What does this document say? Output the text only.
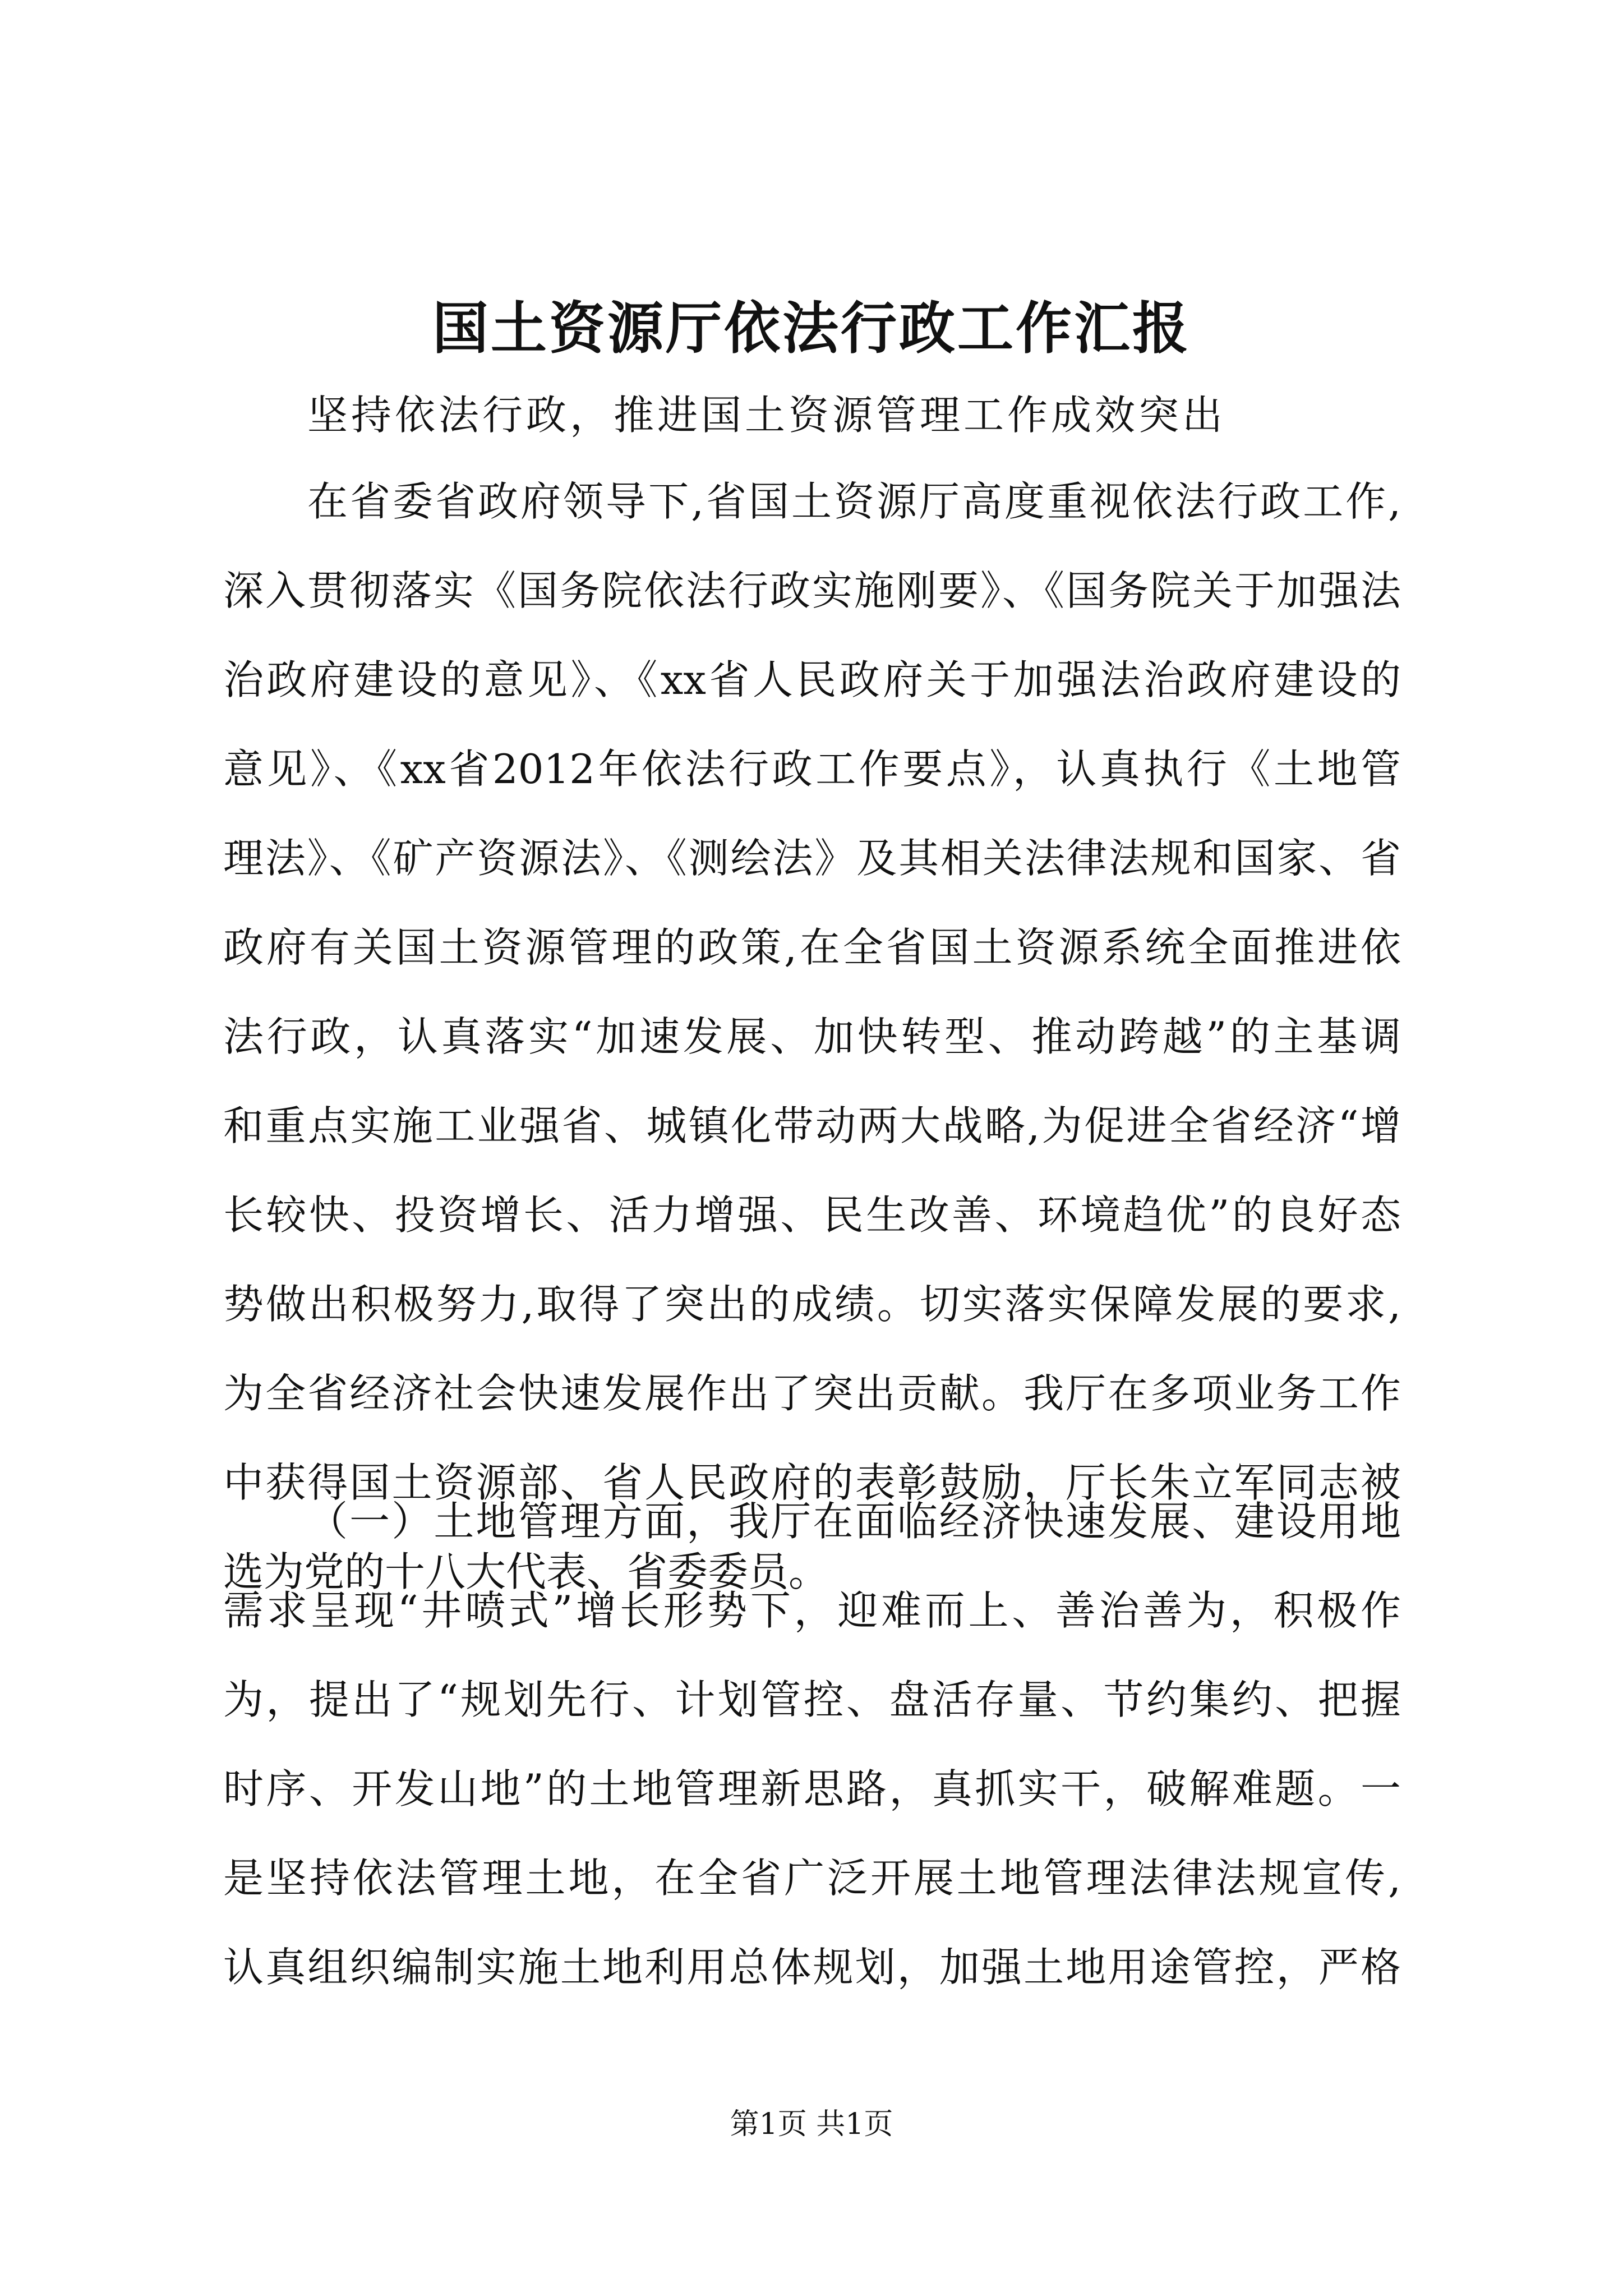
国土资源厅依法行政工作汇报
坚持依法行政，推进国土资源管理工作成效突出
在省委省政府领导下,省国土资源厅高度重视依法行政工作,
深入贯彻落实《国务院依法行政实施刚要》、《国务院关于加强法
治政府建设的意见》、《xx省人民政府关于加强法治政府建设的
意见》、《xx省2012年依法行政工作要点》，认真执行《土地管
理法》、《矿产资源法》、《测绘法》及其相关法律法规和国家、省
政府有关国土资源管理的政策,在全省国土资源系统全面推进依
法行政，认真落实“加速发展、加快转型、推动跨越”的主基调
和重点实施工业强省、城镇化带动两大战略,为促进全省经济“增
长较快、投资增长、活力增强、民生改善、环境趋优”的良好态
势做出积极努力,取得了突出的成绩。切实落实保障发展的要求,
为全省经济社会快速发展作出了突出贡献。我厅在多项业务工作
中获得国土资源部、省人民政府的表彰鼓励，厅长朱立军同志被
选为党的十八大代表、省委委员。
（一）土地管理方面，我厅在面临经济快速发展、建设用地
需求呈现“井喷式”增长形势下，迎难而上、善治善为，积极作
为，提出了“规划先行、计划管控、盘活存量、节约集约、把握
时序、开发山地”的土地管理新思路，真抓实干，破解难题。一
是坚持依法管理土地，在全省广泛开展土地管理法律法规宣传,
认真组织编制实施土地利用总体规划，加强土地用途管控，严格
第1页 共1页
